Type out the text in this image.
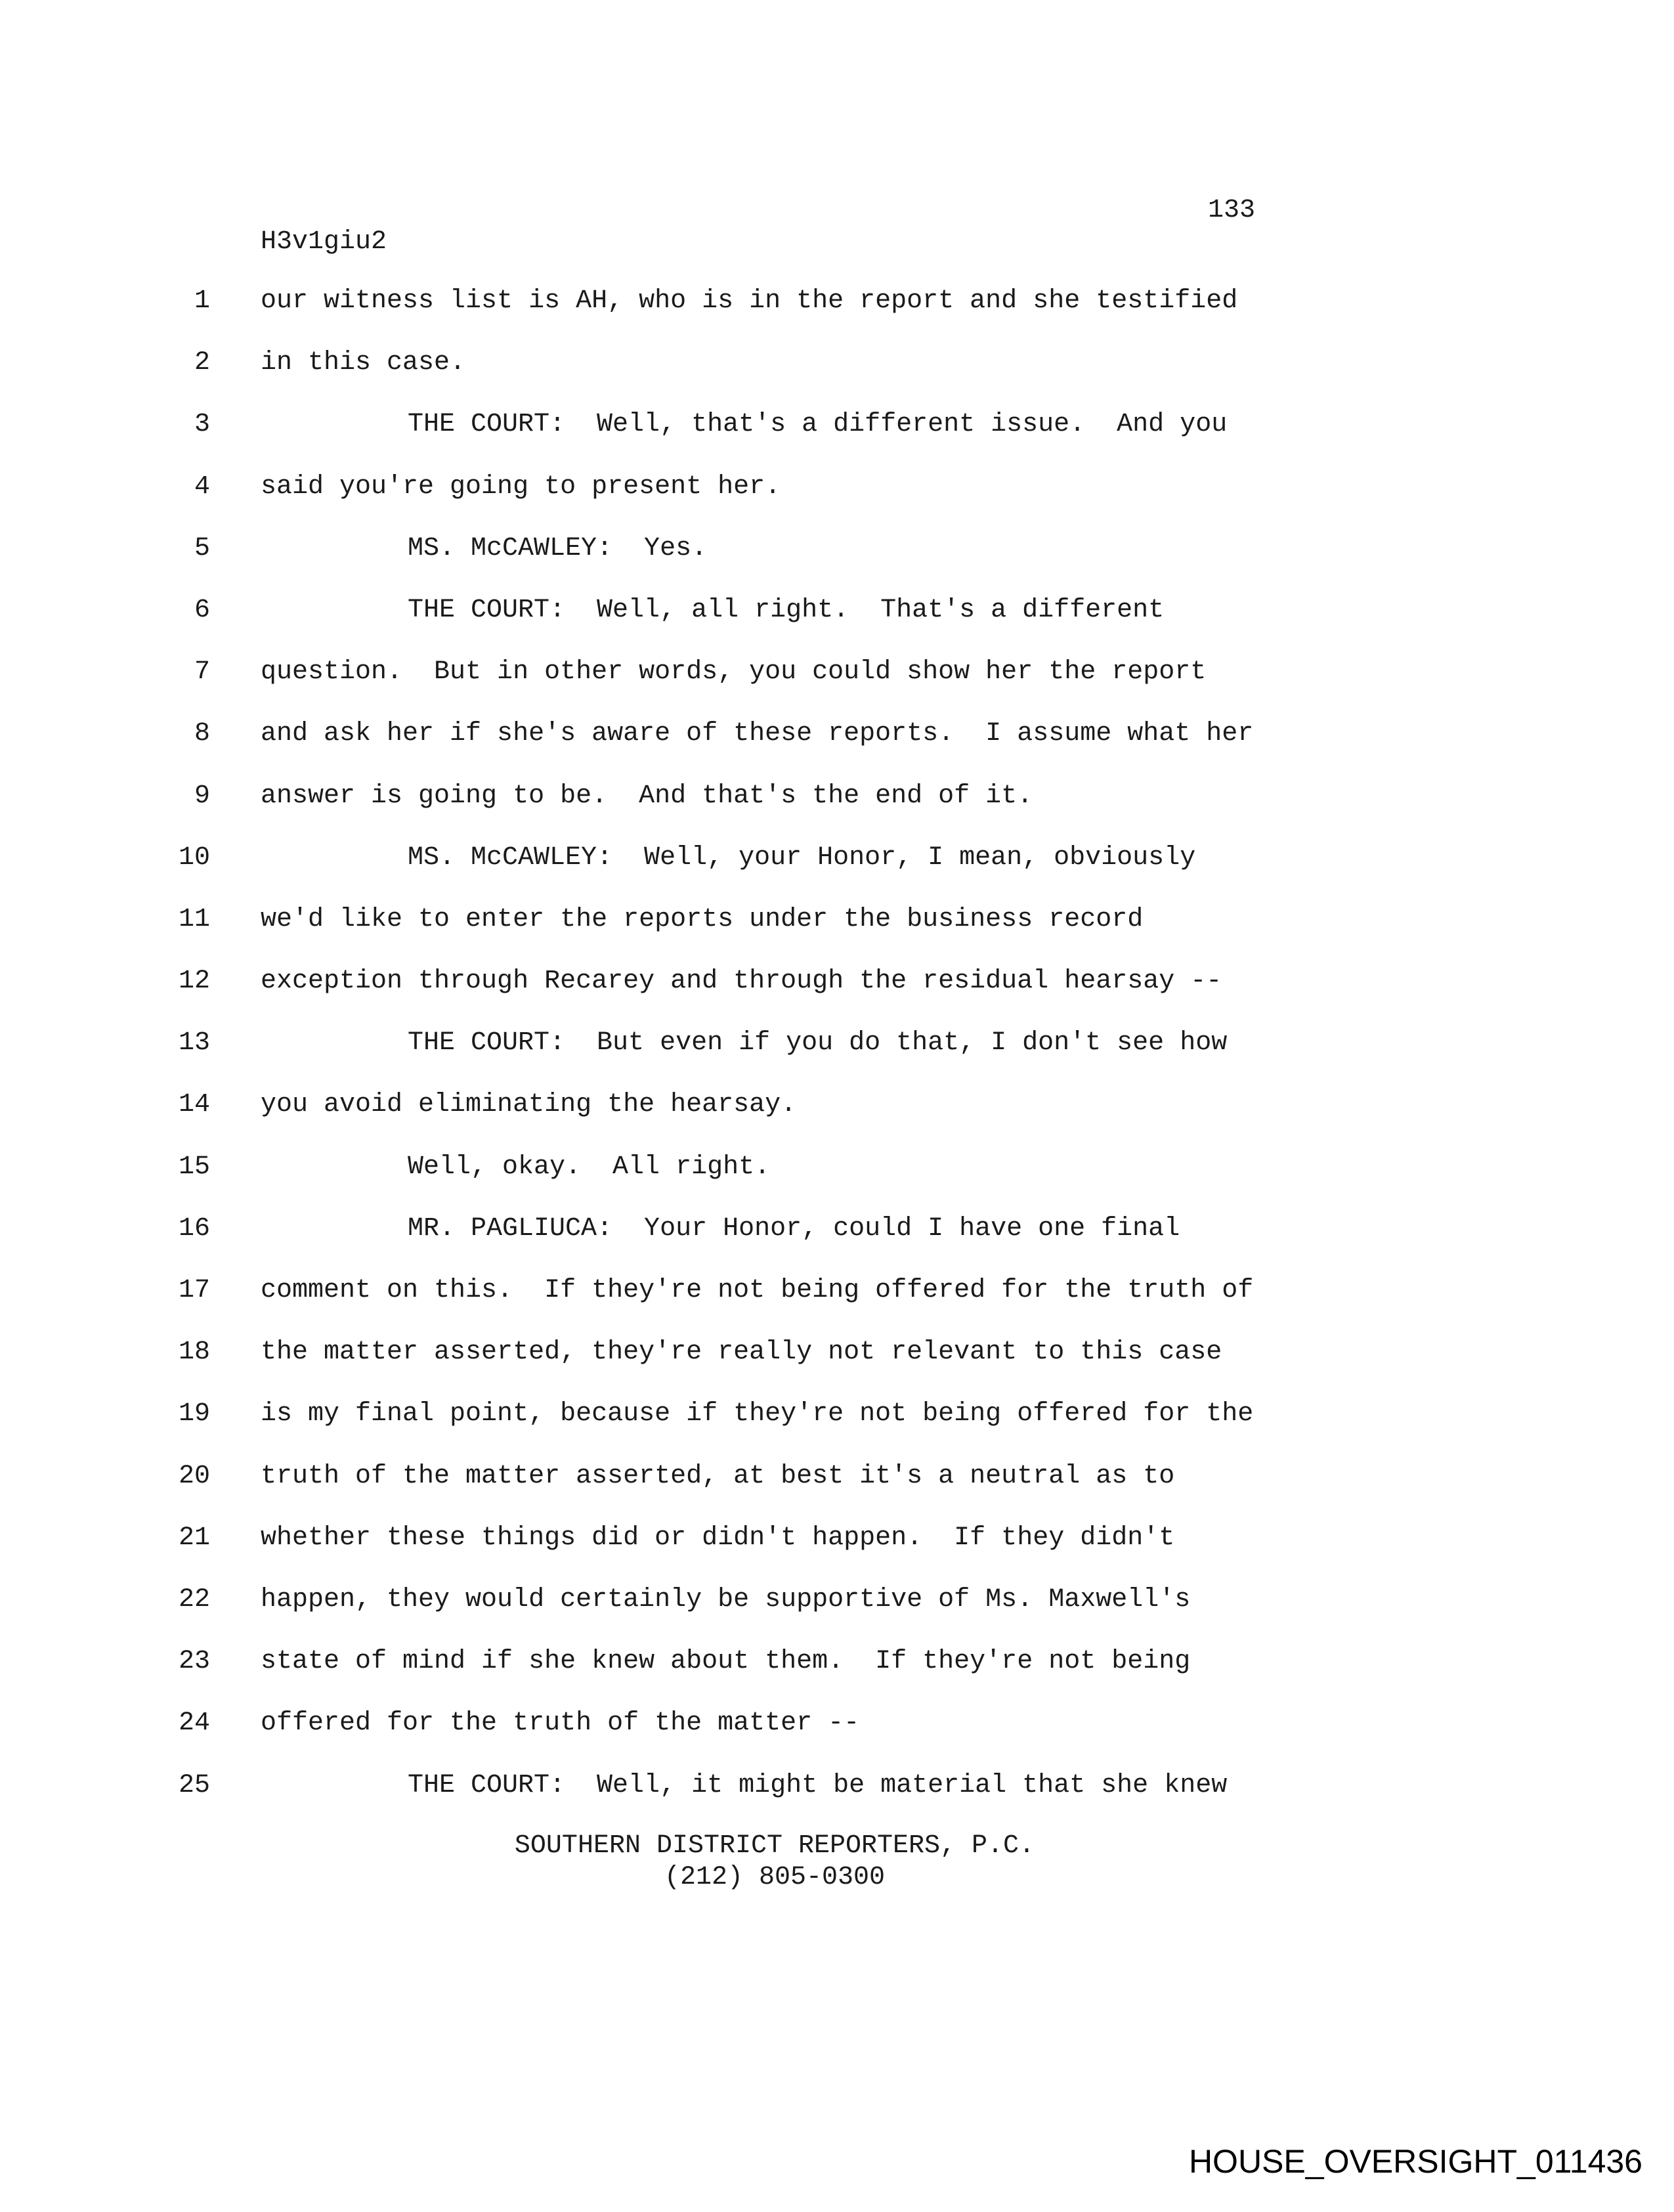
133
H3v1giu2
1 our witness list is AH, who is in the report and she testified
2 in this case.
3	THE COURT:  Well, that's a different issue.  And you
4 said you're going to present her.
5	MS. McCAWLEY:  Yes.
6	THE COURT:  Well, all right.  That's a different
7 question.  But in other words, you could show her the report
8 and ask her if she's aware of these reports.  I assume what her
9 answer is going to be.  And that's the end of it.
10	MS. McCAWLEY:  Well, your Honor, I mean, obviously
11 we'd like to enter the reports under the business record
12 exception through Recarey and through the residual hearsay --
13	THE COURT:  But even if you do that, I don't see how
14 you avoid eliminating the hearsay.
15	Well, okay.  All right.
16	MR. PAGLIUCA:  Your Honor, could I have one final
17 comment on this.  If they're not being offered for the truth of
18 the matter asserted, they're really not relevant to this case
19 is my final point, because if they're not being offered for the
20 truth of the matter asserted, at best it's a neutral as to
21 whether these things did or didn't happen.  If they didn't
22 happen, they would certainly be supportive of Ms. Maxwell's
23 state of mind if she knew about them.  If they're not being
24 offered for the truth of the matter --
25	THE COURT:  Well, it might be material that she knew
SOUTHERN DISTRICT REPORTERS, P.C.
(212) 805-0300
HOUSE_OVERSIGHT_011436
